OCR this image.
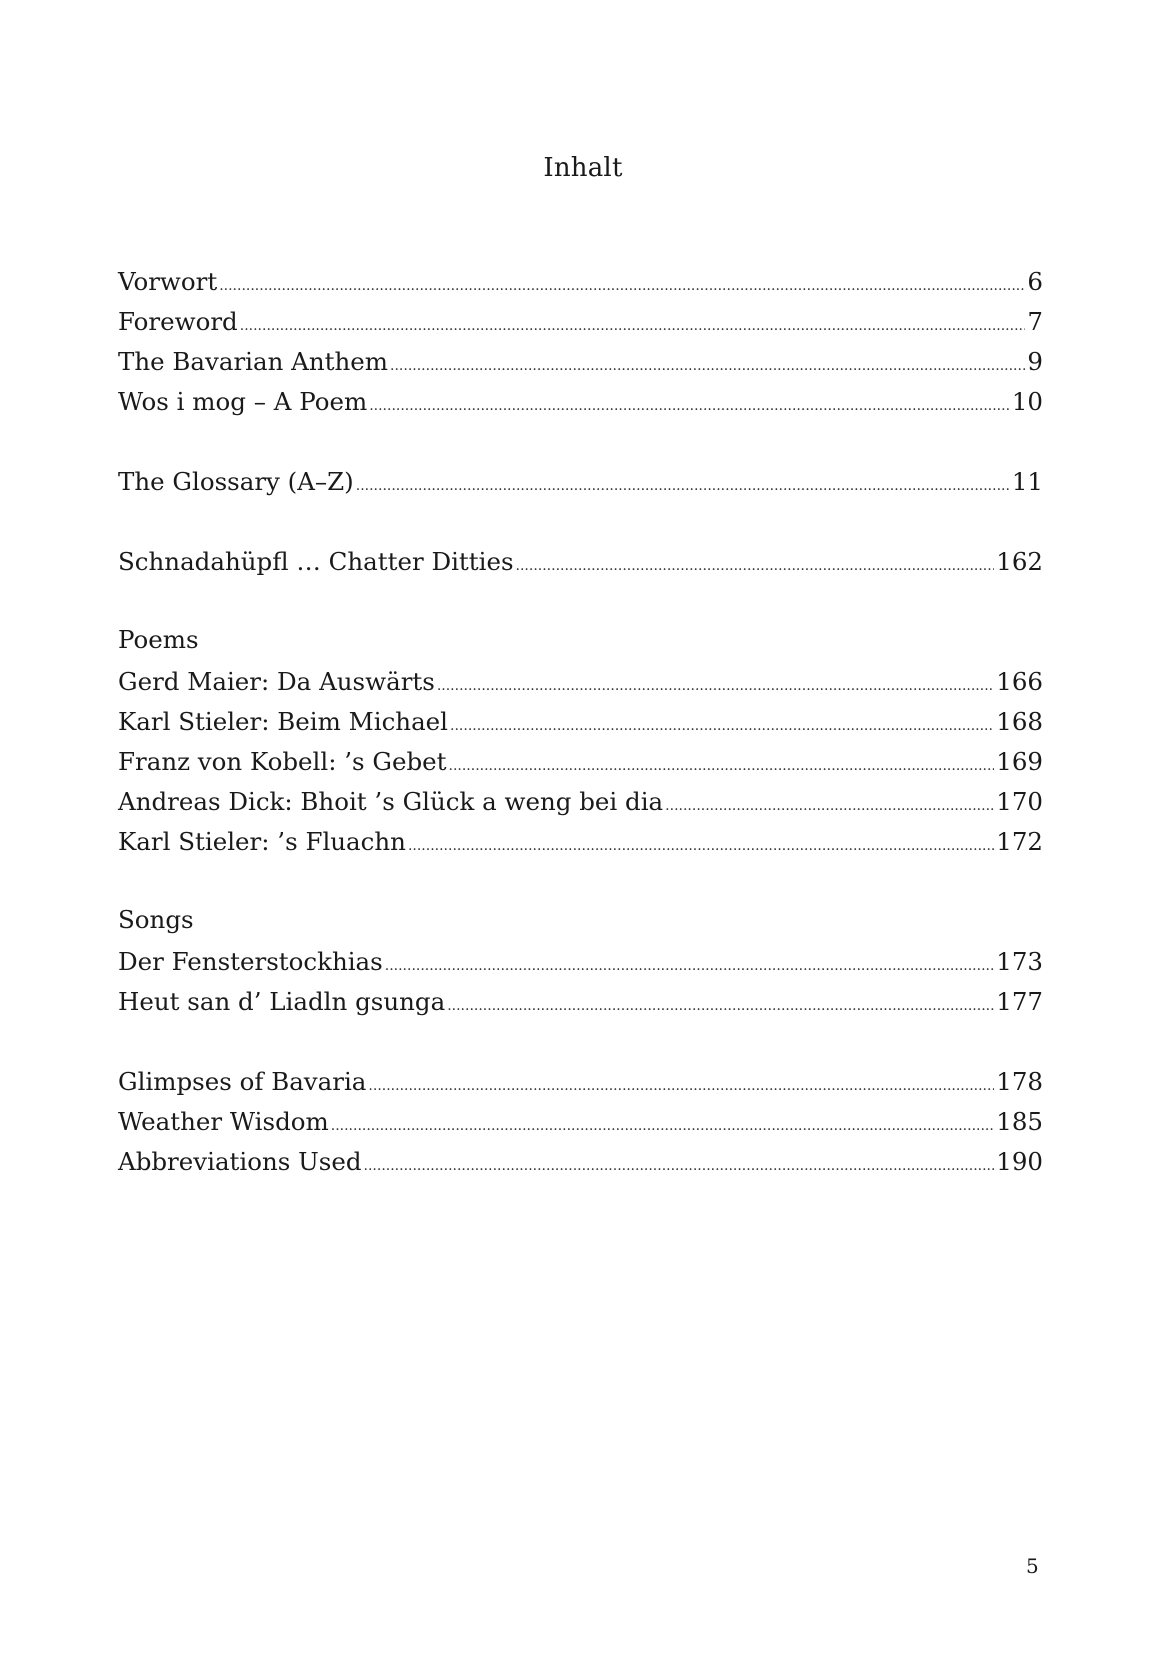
Inhalt
Vorwort .....	6
Foreword .....	7
The Bavarian Anthem .....	9
Wos i mog – A Poem .....	10
The Glossary (A–Z) .....	11
Schnadahüpfl … Chatter Ditties .....	162
Poems
Gerd Maier: Da Auswärts .....	166
Karl Stieler: Beim Michael .....	168
Franz von Kobell: ’s Gebet .....	169
Andreas Dick: Bhoit ’s Glück a weng bei dia .....	170
Karl Stieler: ’s Fluachn .....	172
Songs
Der Fensterstockhias .....	173
Heut san d’ Liadln gsunga .....	177
Glimpses of Bavaria .....	178
Weather Wisdom .....	185
Abbreviations Used .....	190
5
